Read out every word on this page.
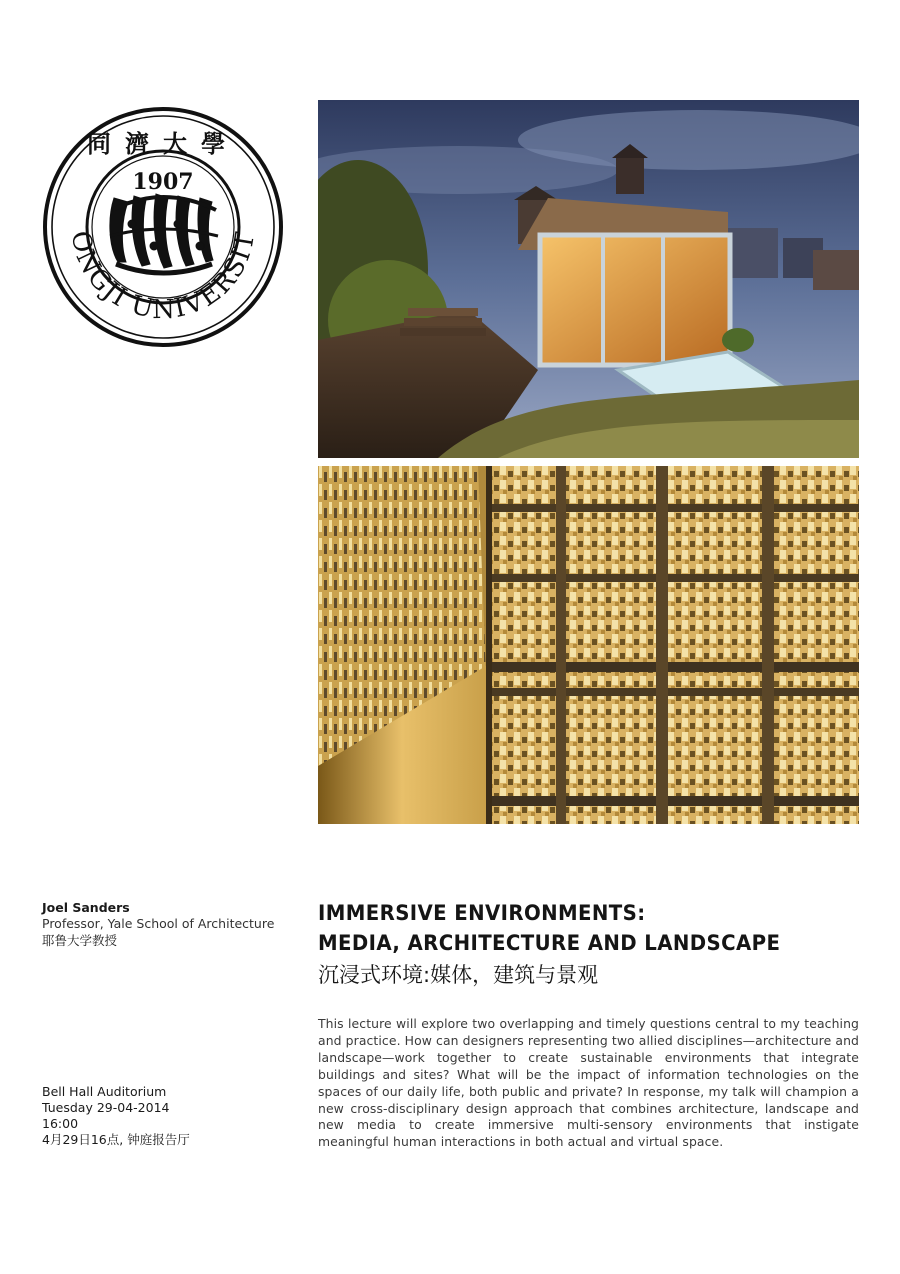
同濟大學
ONGJI UNIVERSIT
1907
Joel Sanders
Professor, Yale School of Architecture
耶鲁大学教授
Bell Hall Auditorium
Tuesday 29-04-2014
16:00
4月29日16点, 钟庭报告厅
IMMERSIVE ENVIRONMENTS:
MEDIA, ARCHITECTURE AND LANDSCAPE
沉浸式环境:媒体，建筑与景观
This lecture will explore two overlapping and timely questions central to my teaching and practice. How can designers representing two allied disciplines—architecture and landscape—work together to create sustainable environments that integrate buildings and sites? What will be the impact of information technologies on the spaces of our daily life, both public and private? In response, my talk will champion a new cross-disciplinary design approach that combines architecture, landscape and new media to create immersive multi-sensory environments that instigate meaningful human interactions in both actual and virtual space.
